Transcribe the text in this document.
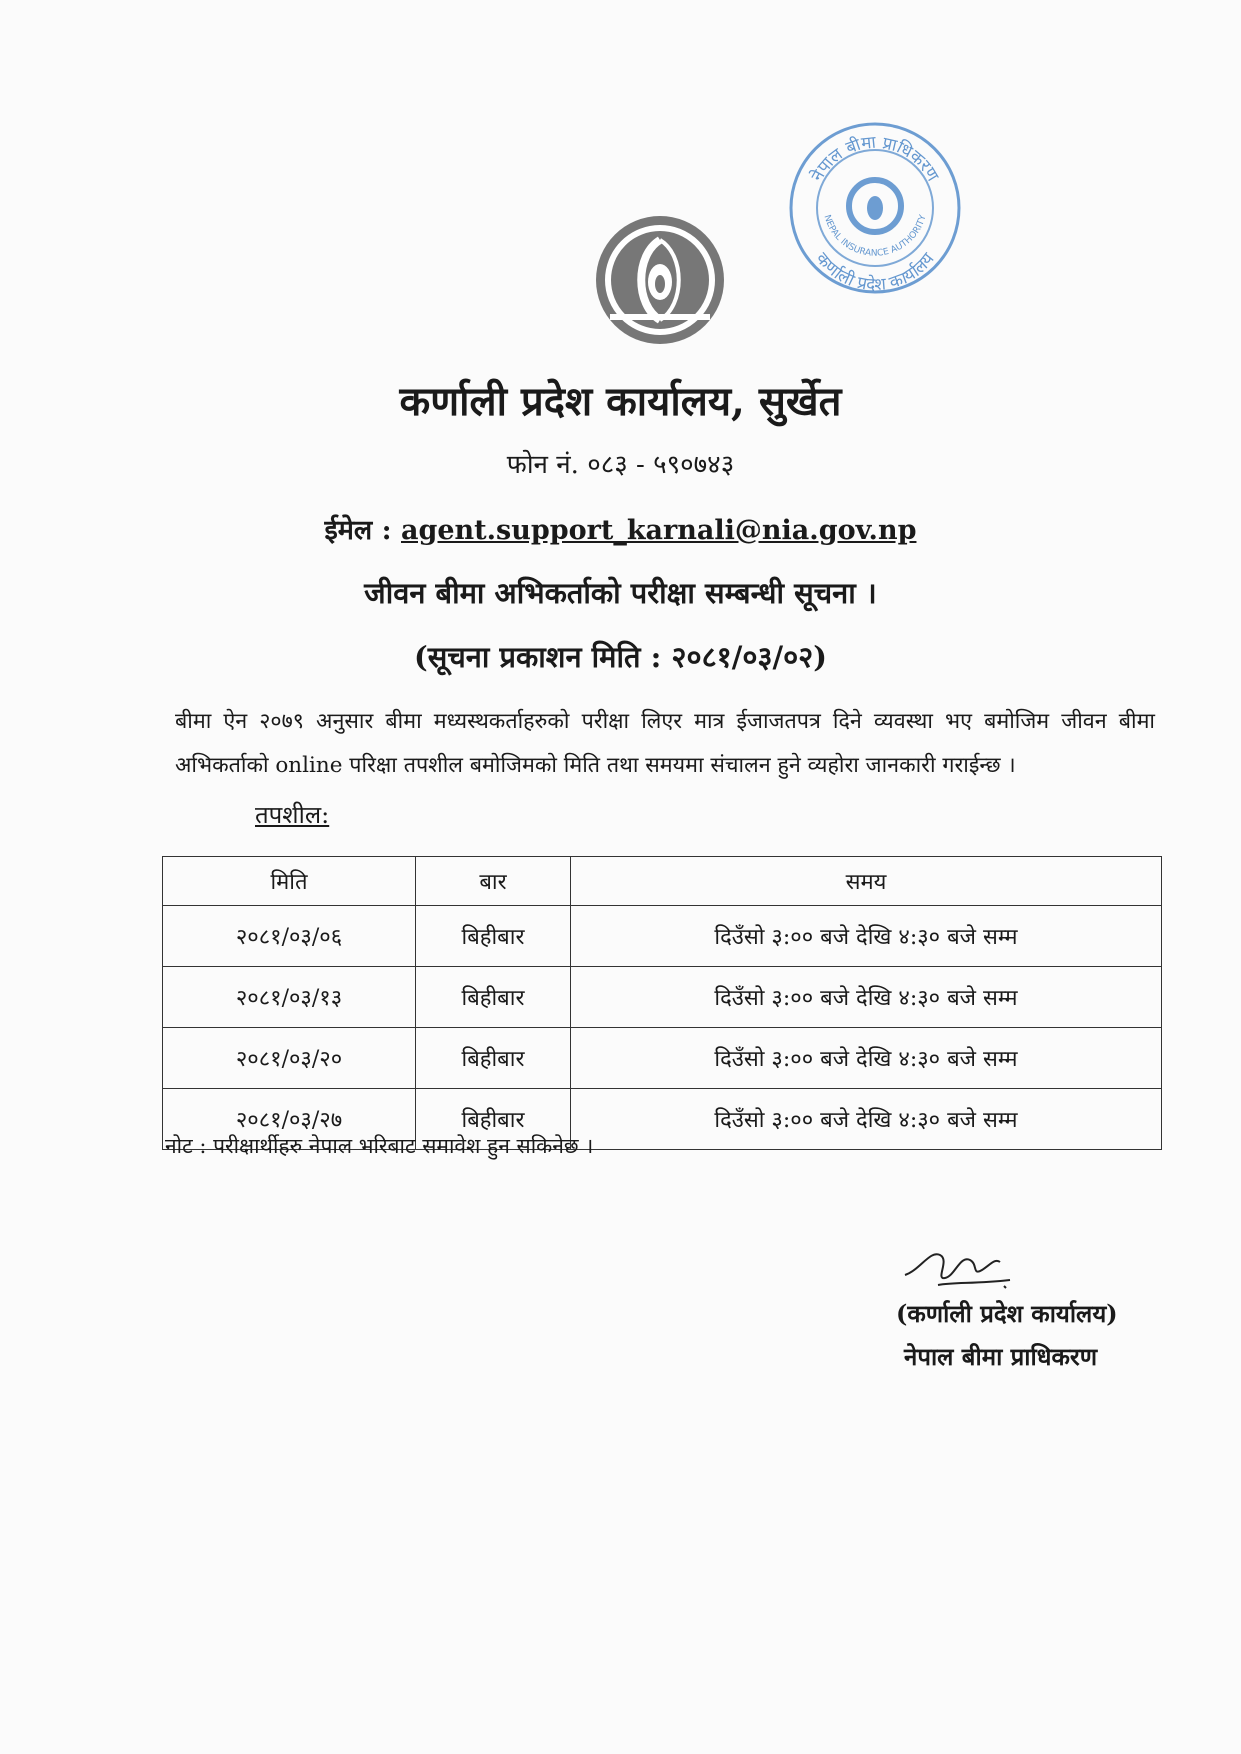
नेपाल बीमा प्राधिकरण
NEPAL INSURANCE AUTHORITY
कर्णाली प्रदेश कार्यालय
कर्णाली प्रदेश कार्यालय, सुर्खेत
फोन नं. ०८३ - ५९०७४३
ईमेल : agent.support_karnali@nia.gov.np
जीवन बीमा अभिकर्ताको परीक्षा सम्बन्धी सूचना ।
(सूचना प्रकाशन मिति : २०८१/०३/०२)
बीमा ऐन २०७९ अनुसार बीमा मध्यस्थकर्ताहरुको परीक्षा लिएर मात्र ईजाजतपत्र दिने व्यवस्था भए बमोजिम जीवन बीमा अभिकर्ताको online परिक्षा तपशील बमोजिमको मिति तथा समयमा संचालन हुने व्यहोरा जानकारी गराईन्छ ।
तपशील:
मिति	बार	समय
२०८१/०३/०६	बिहीबार	दिउँसो ३:०० बजे देखि ४:३० बजे सम्म
२०८१/०३/१३	बिहीबार	दिउँसो ३:०० बजे देखि ४:३० बजे सम्म
२०८१/०३/२०	बिहीबार	दिउँसो ३:०० बजे देखि ४:३० बजे सम्म
२०८१/०३/२७	बिहीबार	दिउँसो ३:०० बजे देखि ४:३० बजे सम्म
नोट : परीक्षार्थीहरु नेपाल भरिबाट समावेश हुन सकिनेछ ।
(कर्णाली प्रदेश कार्यालय)
नेपाल बीमा प्राधिकरण
